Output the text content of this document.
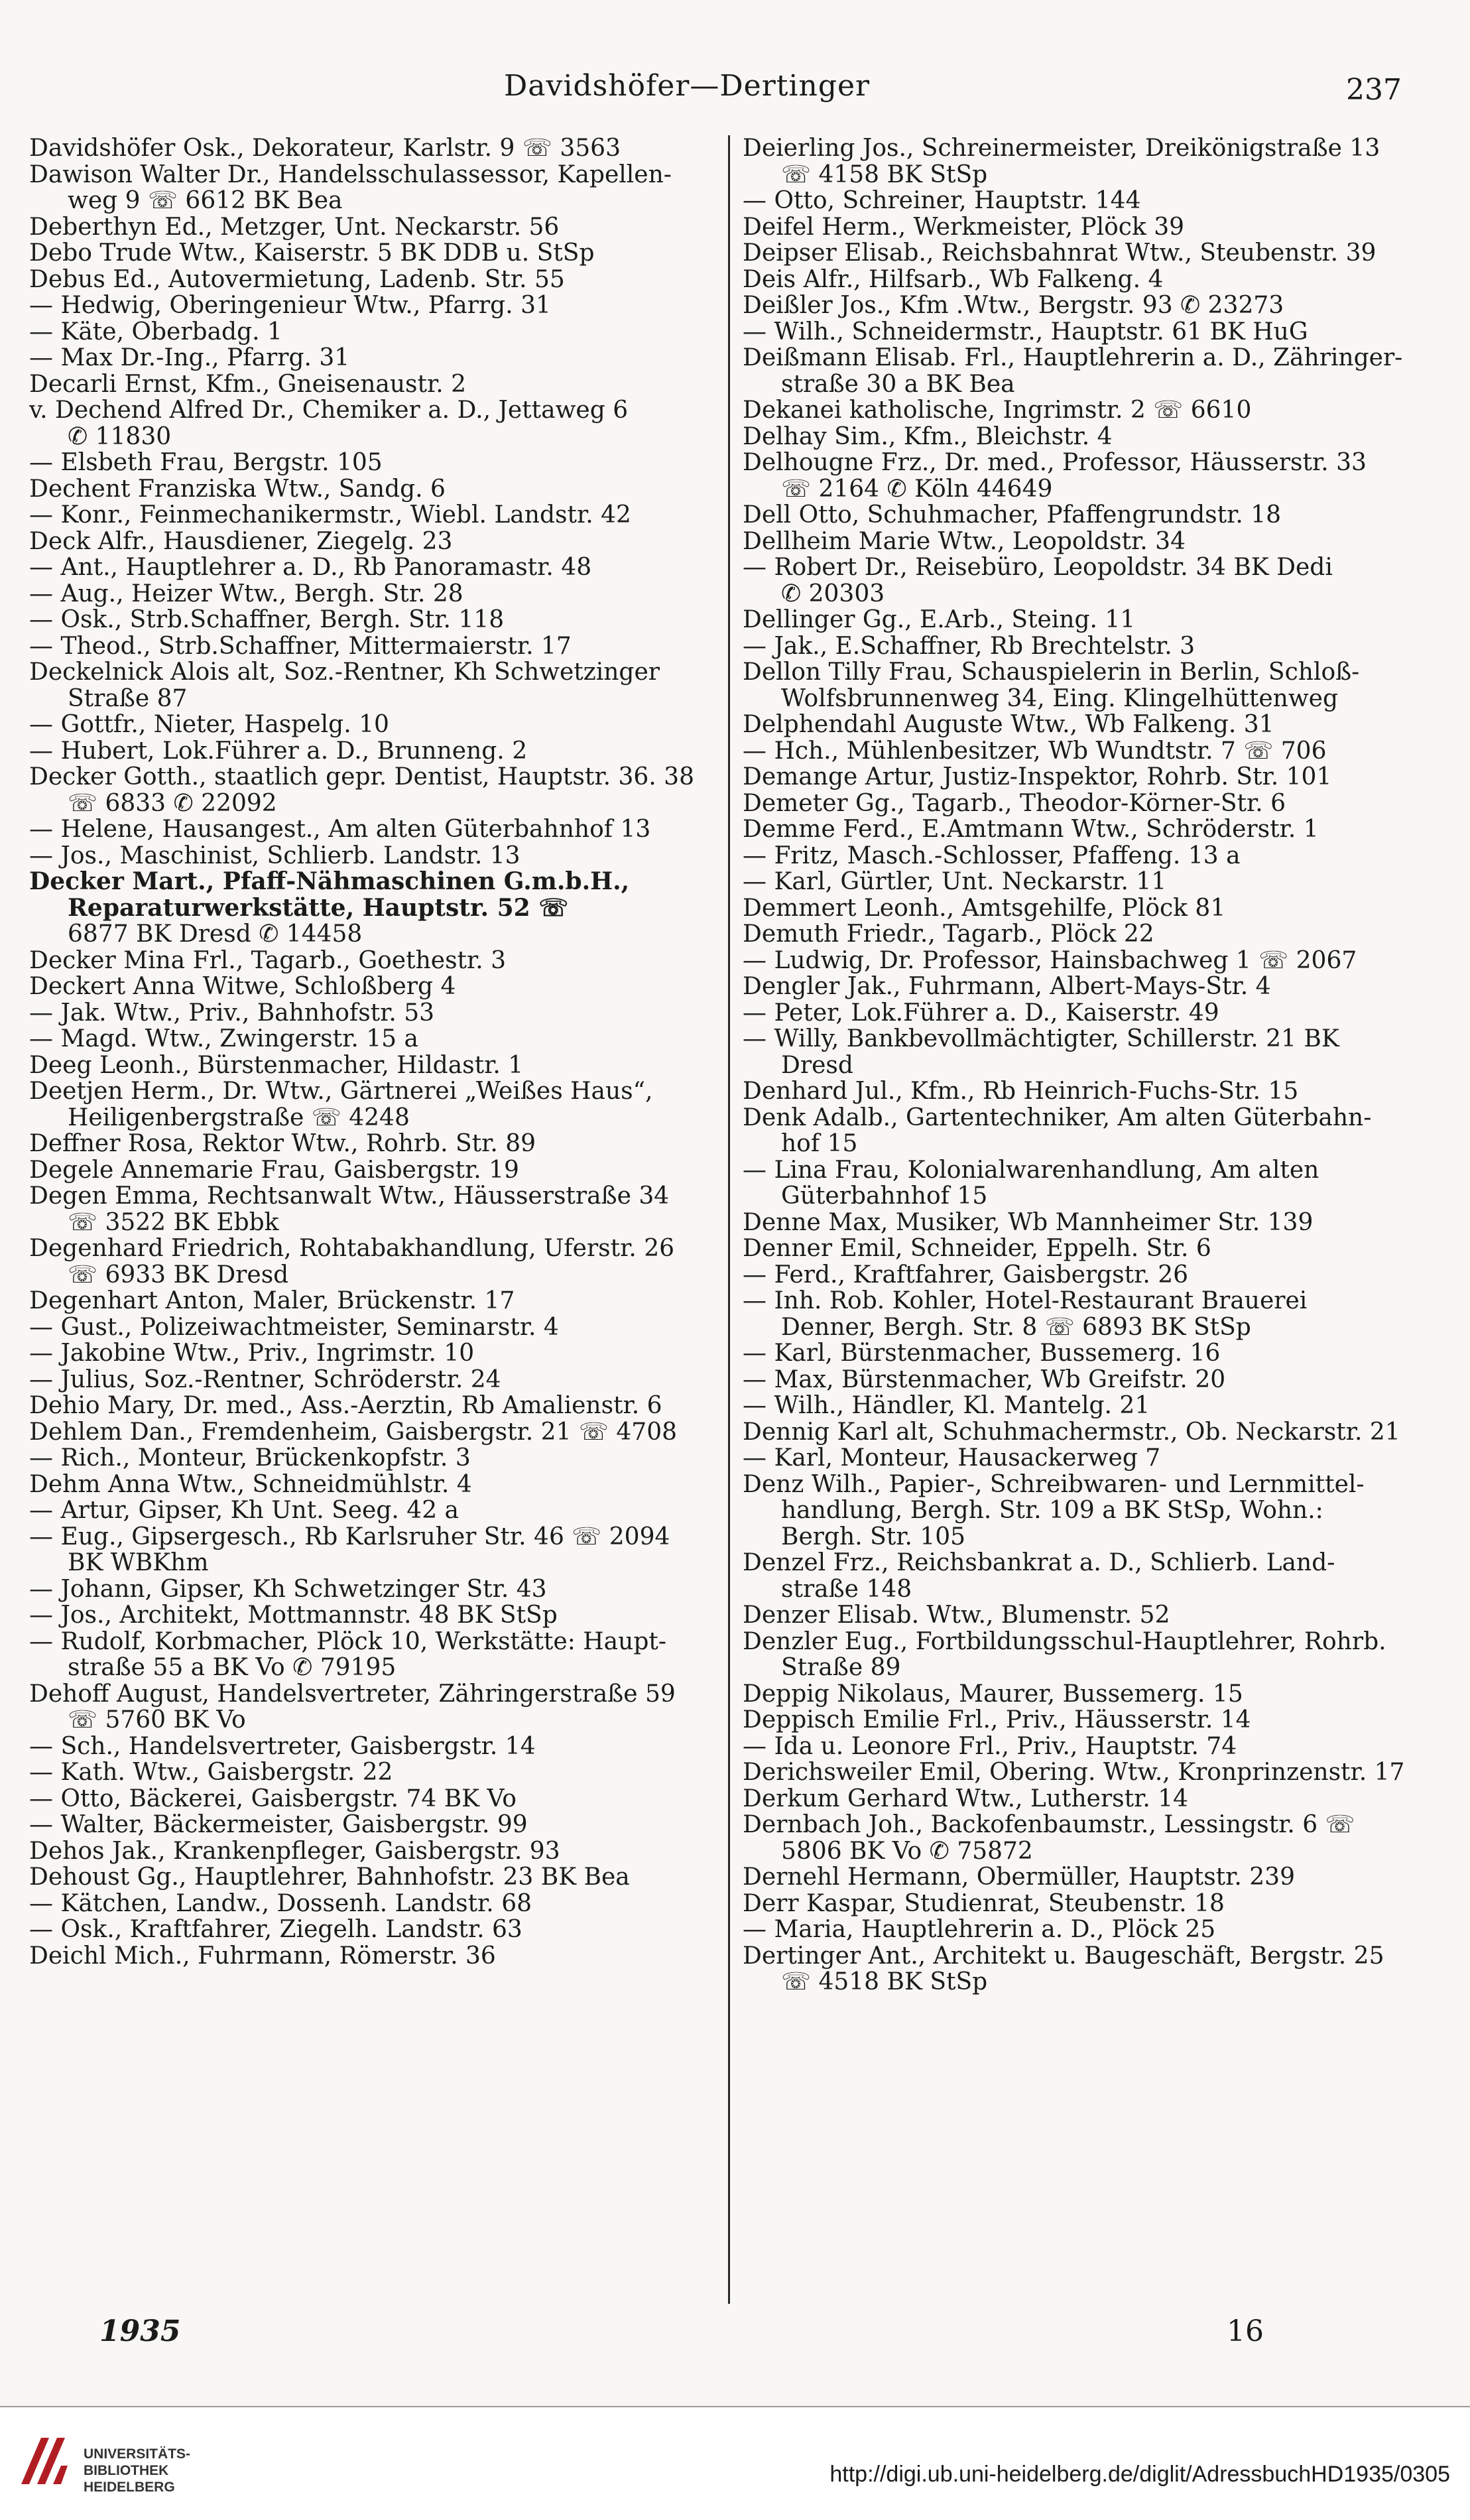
Davidshöfer—Dertinger	237
Davidshöfer Osk., Dekorateur, Karlstr. 9 ☏ 3563
Dawison Walter Dr., Handelsschulassessor, Kapellen-
weg 9 ☏ 6612 BK Bea
Deberthyn Ed., Metzger, Unt. Neckarstr. 56
Debo Trude Wtw., Kaiserstr. 5 BK DDB u. StSp
Debus Ed., Autovermietung, Ladenb. Str. 55
— Hedwig, Oberingenieur Wtw., Pfarrg. 31
— Käte, Oberbadg. 1
— Max Dr.-Ing., Pfarrg. 31
Decarli Ernst, Kfm., Gneisenaustr. 2
v. Dechend Alfred Dr., Chemiker a. D., Jettaweg 6
✆ 11830
— Elsbeth Frau, Bergstr. 105
Dechent Franziska Wtw., Sandg. 6
— Konr., Feinmechanikermstr., Wiebl. Landstr. 42
Deck Alfr., Hausdiener, Ziegelg. 23
— Ant., Hauptlehrer a. D., Rb Panoramastr. 48
— Aug., Heizer Wtw., Bergh. Str. 28
— Osk., Strb.Schaffner, Bergh. Str. 118
— Theod., Strb.Schaffner, Mittermaierstr. 17
Deckelnick Alois alt, Soz.-Rentner, Kh Schwetzinger
Straße 87
— Gottfr., Nieter, Haspelg. 10
— Hubert, Lok.Führer a. D., Brunneng. 2
Decker Gotth., staatlich gepr. Dentist, Hauptstr. 36. 38
☏ 6833 ✆ 22092
— Helene, Hausangest., Am alten Güterbahnhof 13
— Jos., Maschinist, Schlierb. Landstr. 13
Decker Mart., Pfaff-Nähmaschinen G.m.b.H.,
Reparaturwerkstätte, Hauptstr. 52 ☏
6877 BK Dresd ✆ 14458
Decker Mina Frl., Tagarb., Goethestr. 3
Deckert Anna Witwe, Schloßberg 4
— Jak. Wtw., Priv., Bahnhofstr. 53
— Magd. Wtw., Zwingerstr. 15 a
Deeg Leonh., Bürstenmacher, Hildastr. 1
Deetjen Herm., Dr. Wtw., Gärtnerei „Weißes Haus“,
Heiligenbergstraße ☏ 4248
Deffner Rosa, Rektor Wtw., Rohrb. Str. 89
Degele Annemarie Frau, Gaisbergstr. 19
Degen Emma, Rechtsanwalt Wtw., Häusserstraße 34
☏ 3522 BK Ebbk
Degenhard Friedrich, Rohtabakhandlung, Uferstr. 26
☏ 6933 BK Dresd
Degenhart Anton, Maler, Brückenstr. 17
— Gust., Polizeiwachtmeister, Seminarstr. 4
— Jakobine Wtw., Priv., Ingrimstr. 10
— Julius, Soz.-Rentner, Schröderstr. 24
Dehio Mary, Dr. med., Ass.-Aerztin, Rb Amalienstr. 6
Dehlem Dan., Fremdenheim, Gaisbergstr. 21 ☏ 4708
— Rich., Monteur, Brückenkopfstr. 3
Dehm Anna Wtw., Schneidmühlstr. 4
— Artur, Gipser, Kh Unt. Seeg. 42 a
— Eug., Gipsergesch., Rb Karlsruher Str. 46 ☏ 2094
BK WBKhm
— Johann, Gipser, Kh Schwetzinger Str. 43
— Jos., Architekt, Mottmannstr. 48 BK StSp
— Rudolf, Korbmacher, Plöck 10, Werkstätte: Haupt-
straße 55 a BK Vo ✆ 79195
Dehoff August, Handelsvertreter, Zähringerstraße 59
☏ 5760 BK Vo
— Sch., Handelsvertreter, Gaisbergstr. 14
— Kath. Wtw., Gaisbergstr. 22
— Otto, Bäckerei, Gaisbergstr. 74 BK Vo
— Walter, Bäckermeister, Gaisbergstr. 99
Dehos Jak., Krankenpfleger, Gaisbergstr. 93
Dehoust Gg., Hauptlehrer, Bahnhofstr. 23 BK Bea
— Kätchen, Landw., Dossenh. Landstr. 68
— Osk., Kraftfahrer, Ziegelh. Landstr. 63
Deichl Mich., Fuhrmann, Römerstr. 36
Deierling Jos., Schreinermeister, Dreikönigstraße 13
☏ 4158 BK StSp
— Otto, Schreiner, Hauptstr. 144
Deifel Herm., Werkmeister, Plöck 39
Deipser Elisab., Reichsbahnrat Wtw., Steubenstr. 39
Deis Alfr., Hilfsarb., Wb Falkeng. 4
Deißler Jos., Kfm .Wtw., Bergstr. 93 ✆ 23273
— Wilh., Schneidermstr., Hauptstr. 61 BK HuG
Deißmann Elisab. Frl., Hauptlehrerin a. D., Zähringer-
straße 30 a BK Bea
Dekanei katholische, Ingrimstr. 2 ☏ 6610
Delhay Sim., Kfm., Bleichstr. 4
Delhougne Frz., Dr. med., Professor, Häusserstr. 33
☏ 2164 ✆ Köln 44649
Dell Otto, Schuhmacher, Pfaffengrundstr. 18
Dellheim Marie Wtw., Leopoldstr. 34
— Robert Dr., Reisebüro, Leopoldstr. 34 BK Dedi
✆ 20303
Dellinger Gg., E.Arb., Steing. 11
— Jak., E.Schaffner, Rb Brechtelstr. 3
Dellon Tilly Frau, Schauspielerin in Berlin, Schloß-
Wolfsbrunnenweg 34, Eing. Klingelhüttenweg
Delphendahl Auguste Wtw., Wb Falkeng. 31
— Hch., Mühlenbesitzer, Wb Wundtstr. 7 ☏ 706
Demange Artur, Justiz-Inspektor, Rohrb. Str. 101
Demeter Gg., Tagarb., Theodor-Körner-Str. 6
Demme Ferd., E.Amtmann Wtw., Schröderstr. 1
— Fritz, Masch.-Schlosser, Pfaffeng. 13 a
— Karl, Gürtler, Unt. Neckarstr. 11
Demmert Leonh., Amtsgehilfe, Plöck 81
Demuth Friedr., Tagarb., Plöck 22
— Ludwig, Dr. Professor, Hainsbachweg 1 ☏ 2067
Dengler Jak., Fuhrmann, Albert-Mays-Str. 4
— Peter, Lok.Führer a. D., Kaiserstr. 49
— Willy, Bankbevollmächtigter, Schillerstr. 21 BK
Dresd
Denhard Jul., Kfm., Rb Heinrich-Fuchs-Str. 15
Denk Adalb., Gartentechniker, Am alten Güterbahn-
hof 15
— Lina Frau, Kolonialwarenhandlung, Am alten
Güterbahnhof 15
Denne Max, Musiker, Wb Mannheimer Str. 139
Denner Emil, Schneider, Eppelh. Str. 6
— Ferd., Kraftfahrer, Gaisbergstr. 26
— Inh. Rob. Kohler, Hotel-Restaurant Brauerei
Denner, Bergh. Str. 8 ☏ 6893 BK StSp
— Karl, Bürstenmacher, Bussemerg. 16
— Max, Bürstenmacher, Wb Greifstr. 20
— Wilh., Händler, Kl. Mantelg. 21
Dennig Karl alt, Schuhmachermstr., Ob. Neckarstr. 21
— Karl, Monteur, Hausackerweg 7
Denz Wilh., Papier-, Schreibwaren- und Lernmittel-
handlung, Bergh. Str. 109 a BK StSp, Wohn.:
Bergh. Str. 105
Denzel Frz., Reichsbankrat a. D., Schlierb. Land-
straße 148
Denzer Elisab. Wtw., Blumenstr. 52
Denzler Eug., Fortbildungsschul-Hauptlehrer, Rohrb.
Straße 89
Deppig Nikolaus, Maurer, Bussemerg. 15
Deppisch Emilie Frl., Priv., Häusserstr. 14
— Ida u. Leonore Frl., Priv., Hauptstr. 74
Derichsweiler Emil, Obering. Wtw., Kronprinzenstr. 17
Derkum Gerhard Wtw., Lutherstr. 14
Dernbach Joh., Backofenbaumstr., Lessingstr. 6 ☏
5806 BK Vo ✆ 75872
Dernehl Hermann, Obermüller, Hauptstr. 239
Derr Kaspar, Studienrat, Steubenstr. 18
— Maria, Hauptlehrerin a. D., Plöck 25
Dertinger Ant., Architekt u. Baugeschäft, Bergstr. 25
☏ 4518 BK StSp
1935	16
UNIVERSITÄTS-
BIBLIOTHEK
HEIDELBERG
http://digi.ub.uni-heidelberg.de/diglit/AdressbuchHD1935/0305
